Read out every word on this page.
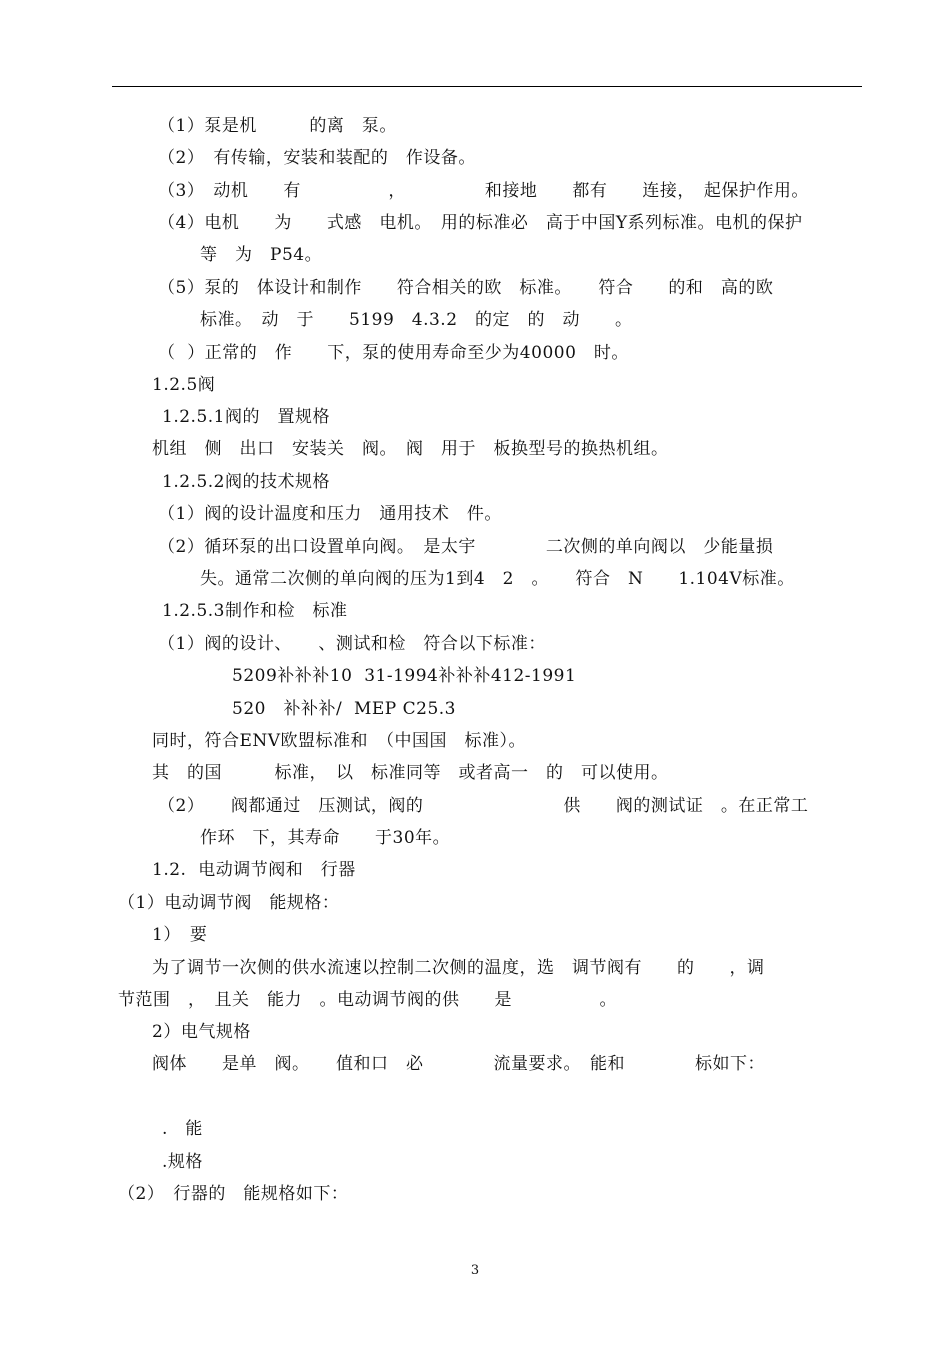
（1）泵是机　　　的离　泵。
（2）　有传输，安装和装配的　作设备。
（3）　动机　　有　　　　　，　　　　　和接地　　都有　　连接，　起保护作用。
（4）电机　　为　　式感　电机。　用的标准必　高于中国Y系列标准。电机的保护
等　为　P54。
（5）泵的　体设计和制作　　符合相关的欧　标准。　　符合　　的和　高的欧
标准。　动　于　　5199　4.3.2　的定　的　动　　。
（  ）正常的　作　　下，泵的使用寿命至少为40000　时。
1.2.5阀
1.2.5.1阀的　置规格
机组　侧　出口　安装关　阀。　阀　用于　板换型号的换热机组。
1.2.5.2阀的技术规格
（1）阀的设计温度和压力　通用技术　件。
（2）循环泵的出口设置单向阀。　是太宇　　　　二次侧的单向阀以　少能量损
失。通常二次侧的单向阀的压为1到4　2　。　　符合　N　　1.104V标准。
1.2.5.3制作和检　标准
（1）阀的设计、　　、测试和检　符合以下标准：
5209补补补10  31-1994补补补412-1991
520　补补补/  MEP C25.3
同时，符合ENV欧盟标准和　（中国国　标准）。
其　的国　　　标准，　以　标准同等　或者高一　的　可以使用。
（2）　　阀都通过　压测试，阀的　　　　　　　　供　　阀的测试证　。在正常工
作环　下，其寿命　　于30年。
1.2.  电动调节阀和　行器
（1）电动调节阀　能规格：
1）　要
为了调节一次侧的供水流速以控制二次侧的温度，选　调节阀有　　的　　，调
节范围　，　且关　能力　。电动调节阀的供　　是　　　　　。
2）电气规格
阀体　　是单　阀。　　值和口　必　　　　流量要求。　能和　　　　标如下：
.　能
.规格
（2）　行器的　能规格如下：
3
